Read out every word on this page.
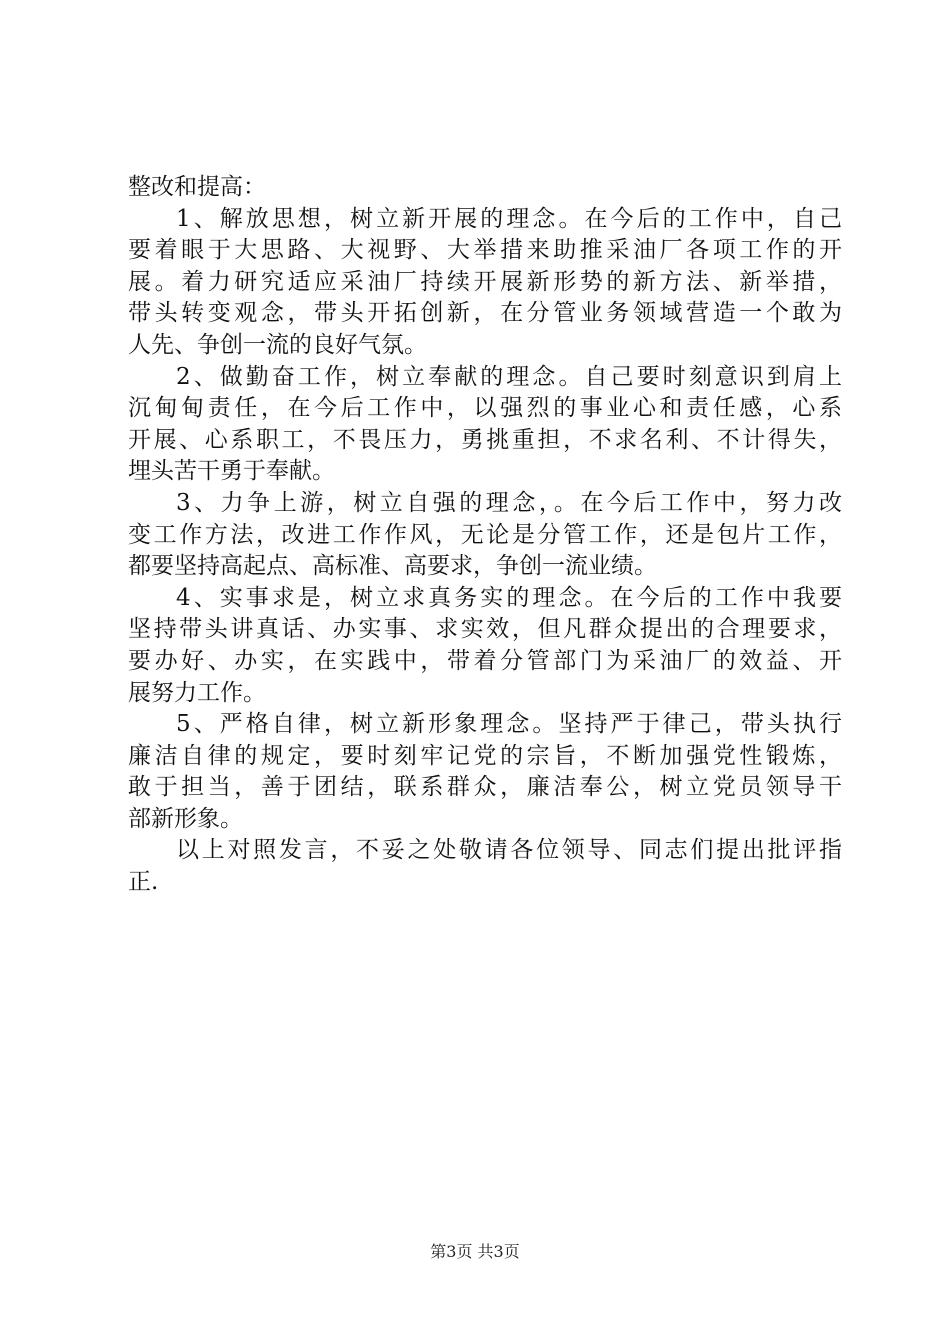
整改和提高：
1、解放思想，树立新开展的理念。在今后的工作中，自己
要着眼于大思路、大视野、大举措来助推采油厂各项工作的开
展。着力研究适应采油厂持续开展新形势的新方法、新举措，
带头转变观念，带头开拓创新，在分管业务领域营造一个敢为
人先、争创一流的良好气氛。
2、做勤奋工作，树立奉献的理念。自己要时刻意识到肩上
沉甸甸责任，在今后工作中，以强烈的事业心和责任感，心系
开展、心系职工，不畏压力，勇挑重担，不求名利、不计得失，
埋头苦干勇于奉献。
3、力争上游，树立自强的理念，。在今后工作中，努力改
变工作方法，改进工作作风，无论是分管工作，还是包片工作，
都要坚持高起点、高标准、高要求，争创一流业绩。
4、实事求是，树立求真务实的理念。在今后的工作中我要
坚持带头讲真话、办实事、求实效，但凡群众提出的合理要求，
要办好、办实，在实践中，带着分管部门为采油厂的效益、开
展努力工作。
5、严格自律，树立新形象理念。坚持严于律己，带头执行
廉洁自律的规定，要时刻牢记党的宗旨，不断加强党性锻炼，
敢于担当，善于团结，联系群众，廉洁奉公，树立党员领导干
部新形象。
以上对照发言，不妥之处敬请各位领导、同志们提出批评指
正.
第3页 共3页
